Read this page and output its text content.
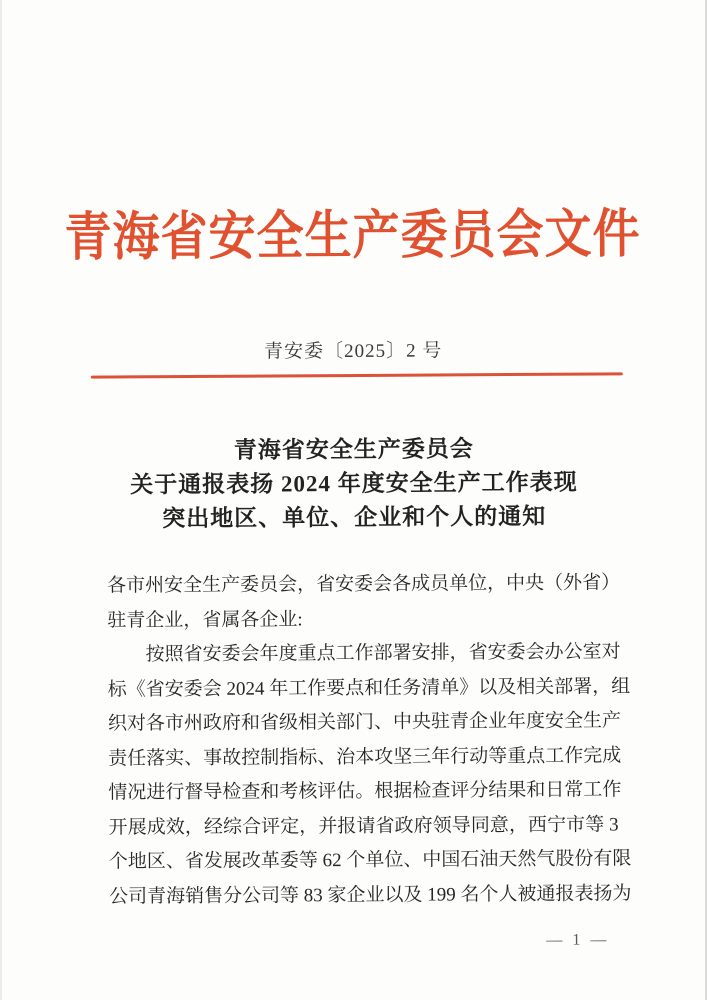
青海省安全生产委员会文件
青安委〔2025〕2 号
青海省安全生产委员会
关于通报表扬 2024 年度安全生产工作表现
突出地区、单位、企业和个人的通知
各市州安全生产委员会，省安委会各成员单位，中央（外省）
驻青企业，省属各企业:
按照省安委会年度重点工作部署安排，省安委会办公室对
标《省安委会 2024 年工作要点和任务清单》以及相关部署，组
织对各市州政府和省级相关部门、中央驻青企业年度安全生产
责任落实、事故控制指标、治本攻坚三年行动等重点工作完成
情况进行督导检查和考核评估。根据检查评分结果和日常工作
开展成效，经综合评定，并报请省政府领导同意，西宁市等 3
个地区、省发展改革委等 62 个单位、中国石油天然气股份有限
公司青海销售分公司等 83 家企业以及 199 名个人被通报表扬为
— 1 —
